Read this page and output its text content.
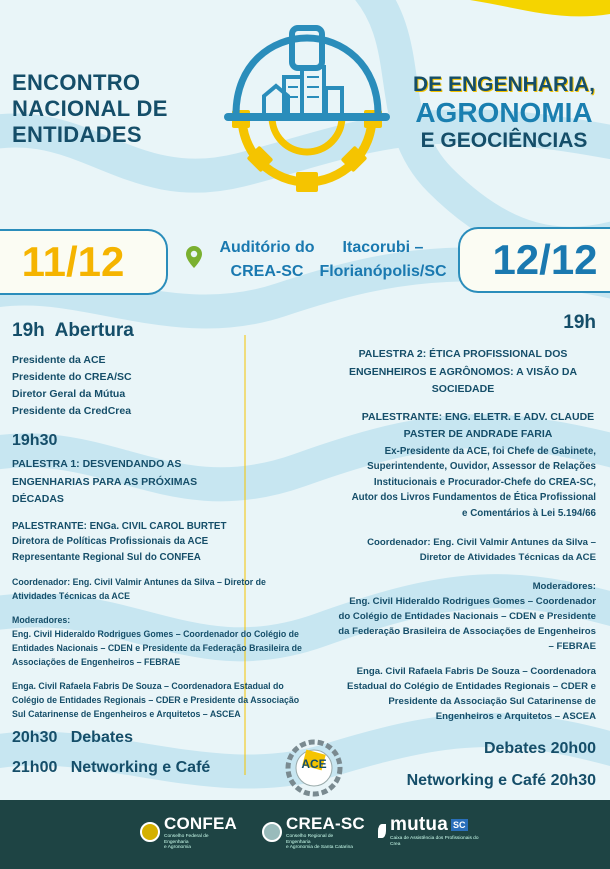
ENCONTRO
NACIONAL DE
ENTIDADES
DE ENGENHARIA,
AGRONOMIA
E GEOCIÊNCIAS
11/12	12/12
Auditório do
CREA-SC
Itacorubi –
Florianópolis/SC
19h Abertura
Presidente da ACE
Presidente do CREA/SC
Diretor Geral da Mútua
Presidente da CredCrea
19h30
PALESTRA 1: DESVENDANDO AS
ENGENHARIAS PARA AS PRÓXIMAS
DÉCADAS
PALESTRANTE: ENGa. CIVIL CAROL BURTET
Diretora de Políticas Profissionais da ACE
Representante Regional Sul do CONFEA
Coordenador: Eng. Civil Valmir Antunes da Silva – Diretor de
Atividades Técnicas da ACE
Moderadores:
Eng. Civil Hideraldo Rodrigues Gomes – Coordenador do Colégio de
Entidades Nacionais – CDEN e Presidente da Federação Brasileira de
Associações de Engenheiros – FEBRAE
Enga. Civil Rafaela Fabris De Souza – Coordenadora Estadual do
Colégio de Entidades Regionais – CDER e Presidente da Associação
Sul Catarinense de Engenheiros e Arquitetos – ASCEA
20h30 Debates
21h00 Networking e Café
19h
PALESTRA 2: ÉTICA PROFISSIONAL DOS
ENGENHEIROS E AGRÔNOMOS: A VISÃO DA
SOCIEDADE
PALESTRANTE: ENG. ELETR. E ADV. CLAUDE
PASTER DE ANDRADE FARIA
Ex-Presidente da ACE, foi Chefe de Gabinete,
Superintendente, Ouvidor, Assessor de Relações
Institucionais e Procurador-Chefe do CREA-SC,
Autor dos Livros Fundamentos de Ética Profissional
e Comentários à Lei 5.194/66
Coordenador: Eng. Civil Valmir Antunes da Silva –
Diretor de Atividades Técnicas da ACE
Moderadores:
Eng. Civil Hideraldo Rodrigues Gomes – Coordenador
do Colégio de Entidades Nacionais – CDEN e Presidente
da Federação Brasileira de Associações de Engenheiros
– FEBRAE
Enga. Civil Rafaela Fabris De Souza – Coordenadora
Estadual do Colégio de Entidades Regionais – CDER e
Presidente da Associação Sul Catarinense de
Engenheiros e Arquitetos – ASCEA
Debates 20h00
Networking e Café 20h30
ACE
CONFEA
Conselho Federal de Engenharia
e Agronomia
CREA-SC
Conselho Regional de Engenharia
e Agronomia de Santa Catarina
mutua SC
Caixa de Assistência dos Profissionais do Crea
